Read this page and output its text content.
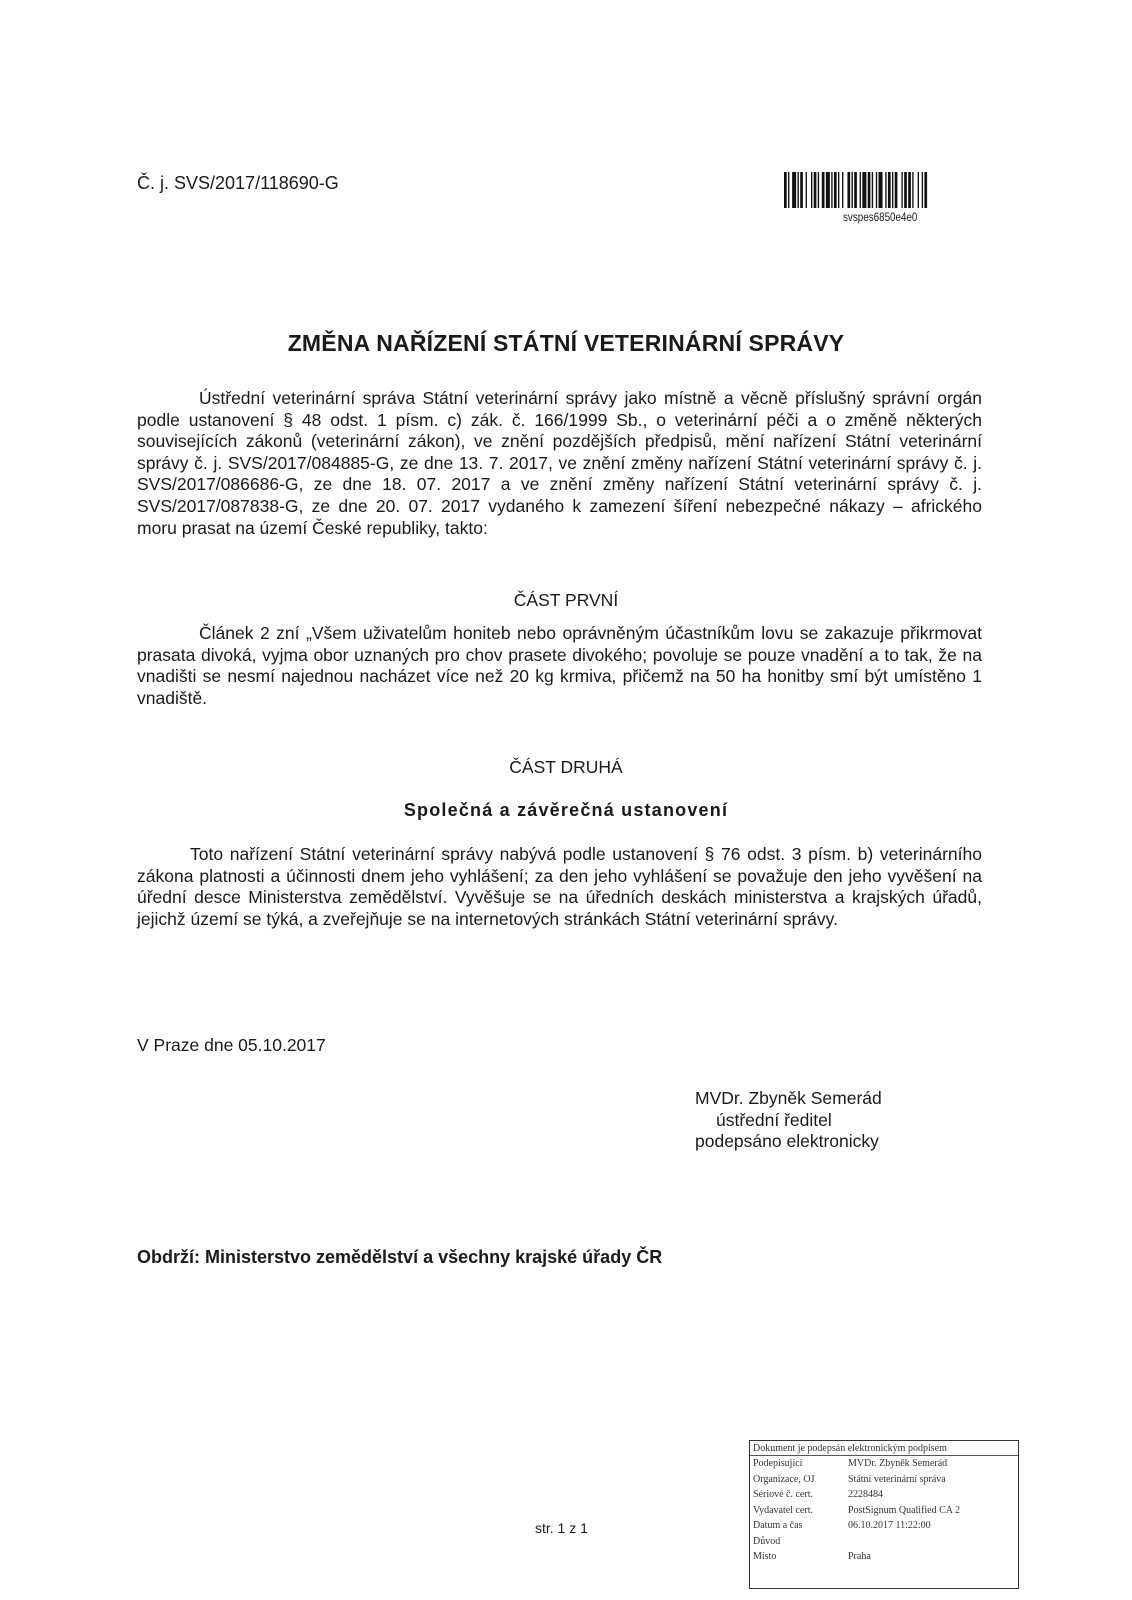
Č. j. SVS/2017/118690-G
svspes6850e4e0
ZMĚNA NAŘÍZENÍ STÁTNÍ VETERINÁRNÍ SPRÁVY
Ústřední veterinární správa Státní veterinární správy jako místně a věcně příslušný správní orgán podle ustanovení § 48 odst. 1 písm. c) zák. č. 166/1999 Sb., o veterinární péči a o změně některých souvisejících zákonů (veterinární zákon), ve znění pozdějších předpisů, mění nařízení Státní veterinární správy č. j. SVS/2017/084885-G, ze dne 13. 7. 2017, ve znění změny nařízení Státní veterinární správy č. j. SVS/2017/086686-G, ze dne 18. 07. 2017 a ve znění změny nařízení Státní veterinární správy č. j. SVS/2017/087838-G, ze dne 20. 07. 2017 vydaného k zamezení šíření nebezpečné nákazy – afrického moru prasat na území České republiky, takto:
ČÁST PRVNÍ
Článek 2 zní „Všem uživatelům honiteb nebo oprávněným účastníkům lovu se zakazuje přikrmovat prasata divoká, vyjma obor uznaných pro chov prasete divokého; povoluje se pouze vnadění a to tak, že na vnadišti se nesmí najednou nacházet více než 20 kg krmiva, přičemž na 50 ha honitby smí být umístěno 1 vnadiště.
ČÁST DRUHÁ
Společná a závěrečná ustanovení
Toto nařízení Státní veterinární správy nabývá podle ustanovení § 76 odst. 3 písm. b) veterinárního zákona platnosti a účinnosti dnem jeho vyhlášení; za den jeho vyhlášení se považuje den jeho vyvěšení na úřední desce Ministerstva zemědělství. Vyvěšuje se na úředních deskách ministerstva a krajských úřadů, jejichž území se týká, a zveřejňuje se na internetových stránkách Státní veterinární správy.
V Praze dne 05.10.2017
MVDr. Zbyněk Semerád
ústřední ředitel
podepsáno elektronicky
Obdrží: Ministerstvo zemědělství a všechny krajské úřady ČR
str. 1 z 1
Dokument je podepsán elektronickým podpisem
Podepisující	MVDr. Zbyněk Semerád
Organizace, OJ	Státní veterinární správa
Sériové č. cert.	2228484
Vydavatel cert.	PostSignum Qualified CA 2
Datum a čas	06.10.2017 11:22:00
Důvod
Místo	Praha
